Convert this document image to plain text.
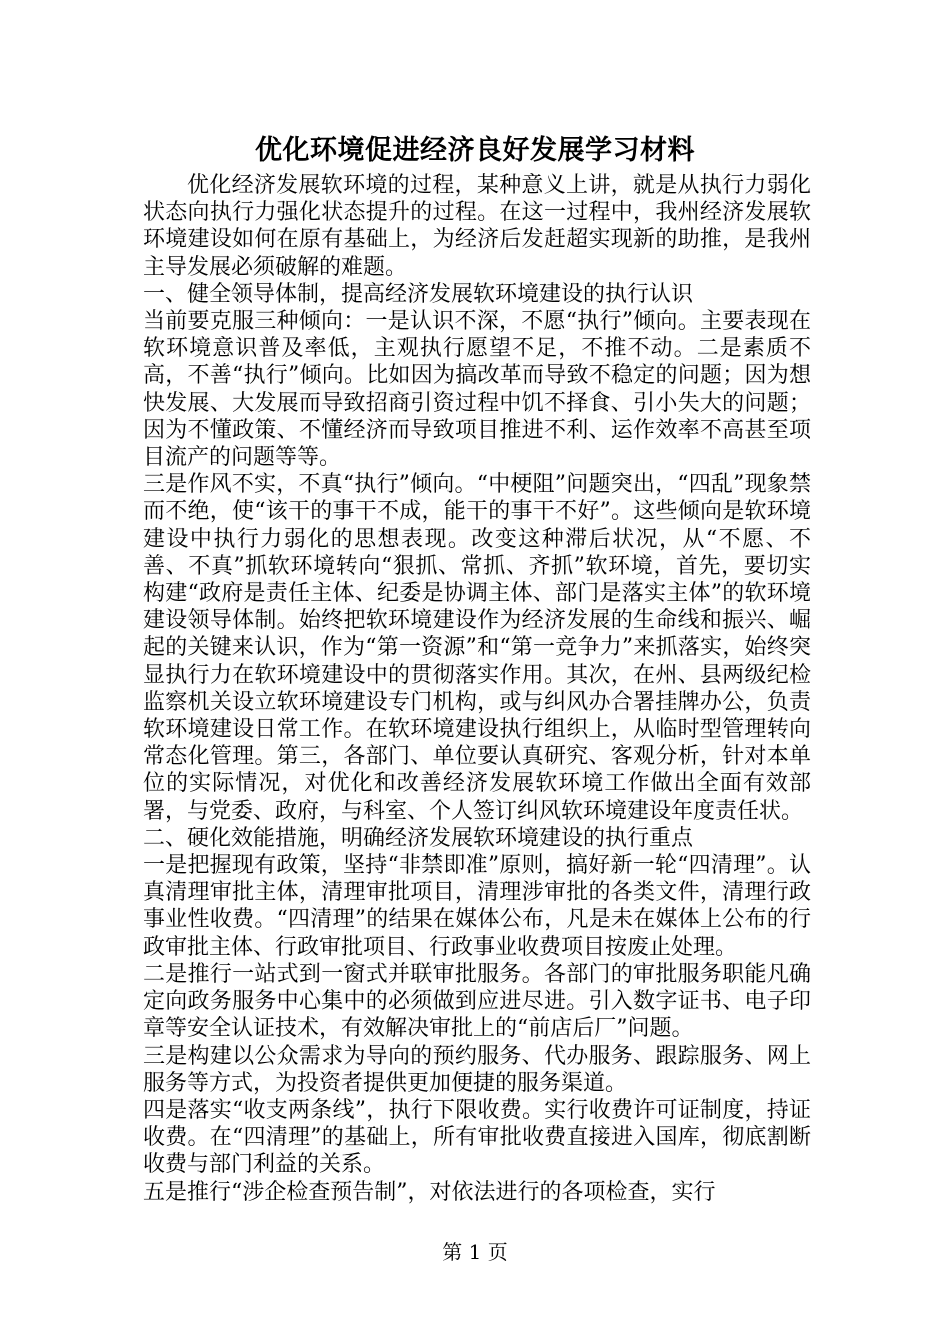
优化环境促进经济良好发展学习材料

优化经济发展软环境的过程，某种意义上讲，就是从执行力弱化状态向执行力强化状态提升的过程。在这一过程中，我州经济发展软环境建设如何在原有基础上，为经济后发赶超实现新的助推，是我州主导发展必须破解的难题。

一、健全领导体制，提高经济发展软环境建设的执行认识

当前要克服三种倾向：一是认识不深，不愿“执行”倾向。主要表现在软环境意识普及率低，主观执行愿望不足，不推不动。二是素质不高，不善“执行”倾向。比如因为搞改革而导致不稳定的问题；因为想快发展、大发展而导致招商引资过程中饥不择食、引小失大的问题；因为不懂政策、不懂经济而导致项目推进不利、运作效率不高甚至项目流产的问题等等。

三是作风不实，不真“执行”倾向。“中梗阻”问题突出，“四乱”现象禁而不绝，使“该干的事干不成，能干的事干不好”。这些倾向是软环境建设中执行力弱化的思想表现。改变这种滞后状况，从“不愿、不善、不真”抓软环境转向“狠抓、常抓、齐抓”软环境，首先，要切实构建“政府是责任主体、纪委是协调主体、部门是落实主体”的软环境建设领导体制。始终把软环境建设作为经济发展的生命线和振兴、崛起的关键来认识，作为“第一资源”和“第一竞争力”来抓落实，始终突显执行力在软环境建设中的贯彻落实作用。其次，在州、县两级纪检监察机关设立软环境建设专门机构，或与纠风办合署挂牌办公，负责软环境建设日常工作。在软环境建设执行组织上，从临时型管理转向常态化管理。第三，各部门、单位要认真研究、客观分析，针对本单位的实际情况，对优化和改善经济发展软环境工作做出全面有效部署，与党委、政府，与科室、个人签订纠风软环境建设年度责任状。

二、硬化效能措施，明确经济发展软环境建设的执行重点

一是把握现有政策，坚持“非禁即准”原则，搞好新一轮“四清理”。认真清理审批主体，清理审批项目，清理涉审批的各类文件，清理行政事业性收费。“四清理”的结果在媒体公布，凡是未在媒体上公布的行政审批主体、行政审批项目、行政事业收费项目按废止处理。

二是推行一站式到一窗式并联审批服务。各部门的审批服务职能凡确定向政务服务中心集中的必须做到应进尽进。引入数字证书、电子印章等安全认证技术，有效解决审批上的“前店后厂”问题。

三是构建以公众需求为导向的预约服务、代办服务、跟踪服务、网上服务等方式，为投资者提供更加便捷的服务渠道。

四是落实“收支两条线”，执行下限收费。实行收费许可证制度，持证收费。在“四清理”的基础上，所有审批收费直接进入国库，彻底割断收费与部门利益的关系。

五是推行“涉企检查预告制”，对依法进行的各项检查，实行

第 1 页
